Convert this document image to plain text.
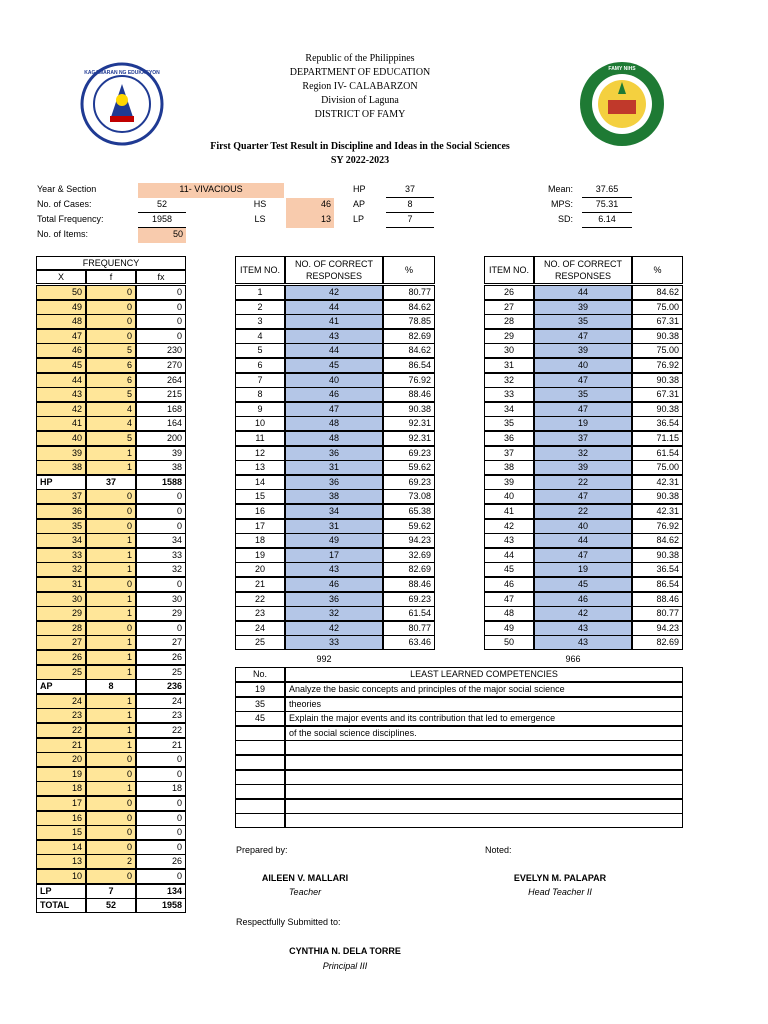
KAGAWARAN NG EDUKASYON
FAMY NIHS
Republic of the Philippines
DEPARTMENT OF EDUCATION
Region IV- CALABARZON
Division of Laguna
DISTRICT OF FAMY
First Quarter Test Result in Discipline and Ideas in the Social Sciences
SY 2022-2023
Year & Section	11- VIVACIOUS
No. of Cases:	52
Total Frequency:	1958
No. of Items:	50
HS	46
LS	13
HP	37
AP	8
LP	7
Mean:	37.65
MPS:	75.31
SD:	6.14
FREQUENCY
X	f	fx
50	0	0
49	0	0
48	0	0
47	0	0
46	5	230
45	6	270
44	6	264
43	5	215
42	4	168
41	4	164
40	5	200
39	1	39
38	1	38
HP	37	1588
37	0	0
36	0	0
35	0	0
34	1	34
33	1	33
32	1	32
31	0	0
30	1	30
29	1	29
28	0	0
27	1	27
26	1	26
25	1	25
AP	8	236
24	1	24
23	1	23
22	1	22
21	1	21
20	0	0
19	0	0
18	1	18
17	0	0
16	0	0
15	0	0
14	0	0
13	2	26
10	0	0
LP	7	134
TOTAL	52	1958
ITEM NO.
NO. OF CORRECT RESPONSES
%
1	42	80.77
2	44	84.62
3	41	78.85
4	43	82.69
5	44	84.62
6	45	86.54
7	40	76.92
8	46	88.46
9	47	90.38
10	48	92.31
11	48	92.31
12	36	69.23
13	31	59.62
14	36	69.23
15	38	73.08
16	34	65.38
17	31	59.62
18	49	94.23
19	17	32.69
20	43	82.69
21	46	88.46
22	36	69.23
23	32	61.54
24	42	80.77
25	33	63.46
992
ITEM NO.
NO. OF CORRECT RESPONSES
%
26	44	84.62
27	39	75.00
28	35	67.31
29	47	90.38
30	39	75.00
31	40	76.92
32	47	90.38
33	35	67.31
34	47	90.38
35	19	36.54
36	37	71.15
37	32	61.54
38	39	75.00
39	22	42.31
40	47	90.38
41	22	42.31
42	40	76.92
43	44	84.62
44	47	90.38
45	19	36.54
46	45	86.54
47	46	88.46
48	42	80.77
49	43	94.23
50	43	82.69
966
No.	LEAST LEARNED COMPETENCIES
19	Analyze the basic concepts and principles of the major social science
35	theories
45	Explain the major events and its contribution that led to emergence
of the social science disciplines.
Prepared by:	Noted:
AILEEN V. MALLARI
Teacher
EVELYN M. PALAPAR
Head Teacher II
Respectfully Submitted to:
CYNTHIA N. DELA TORRE
Principal III
